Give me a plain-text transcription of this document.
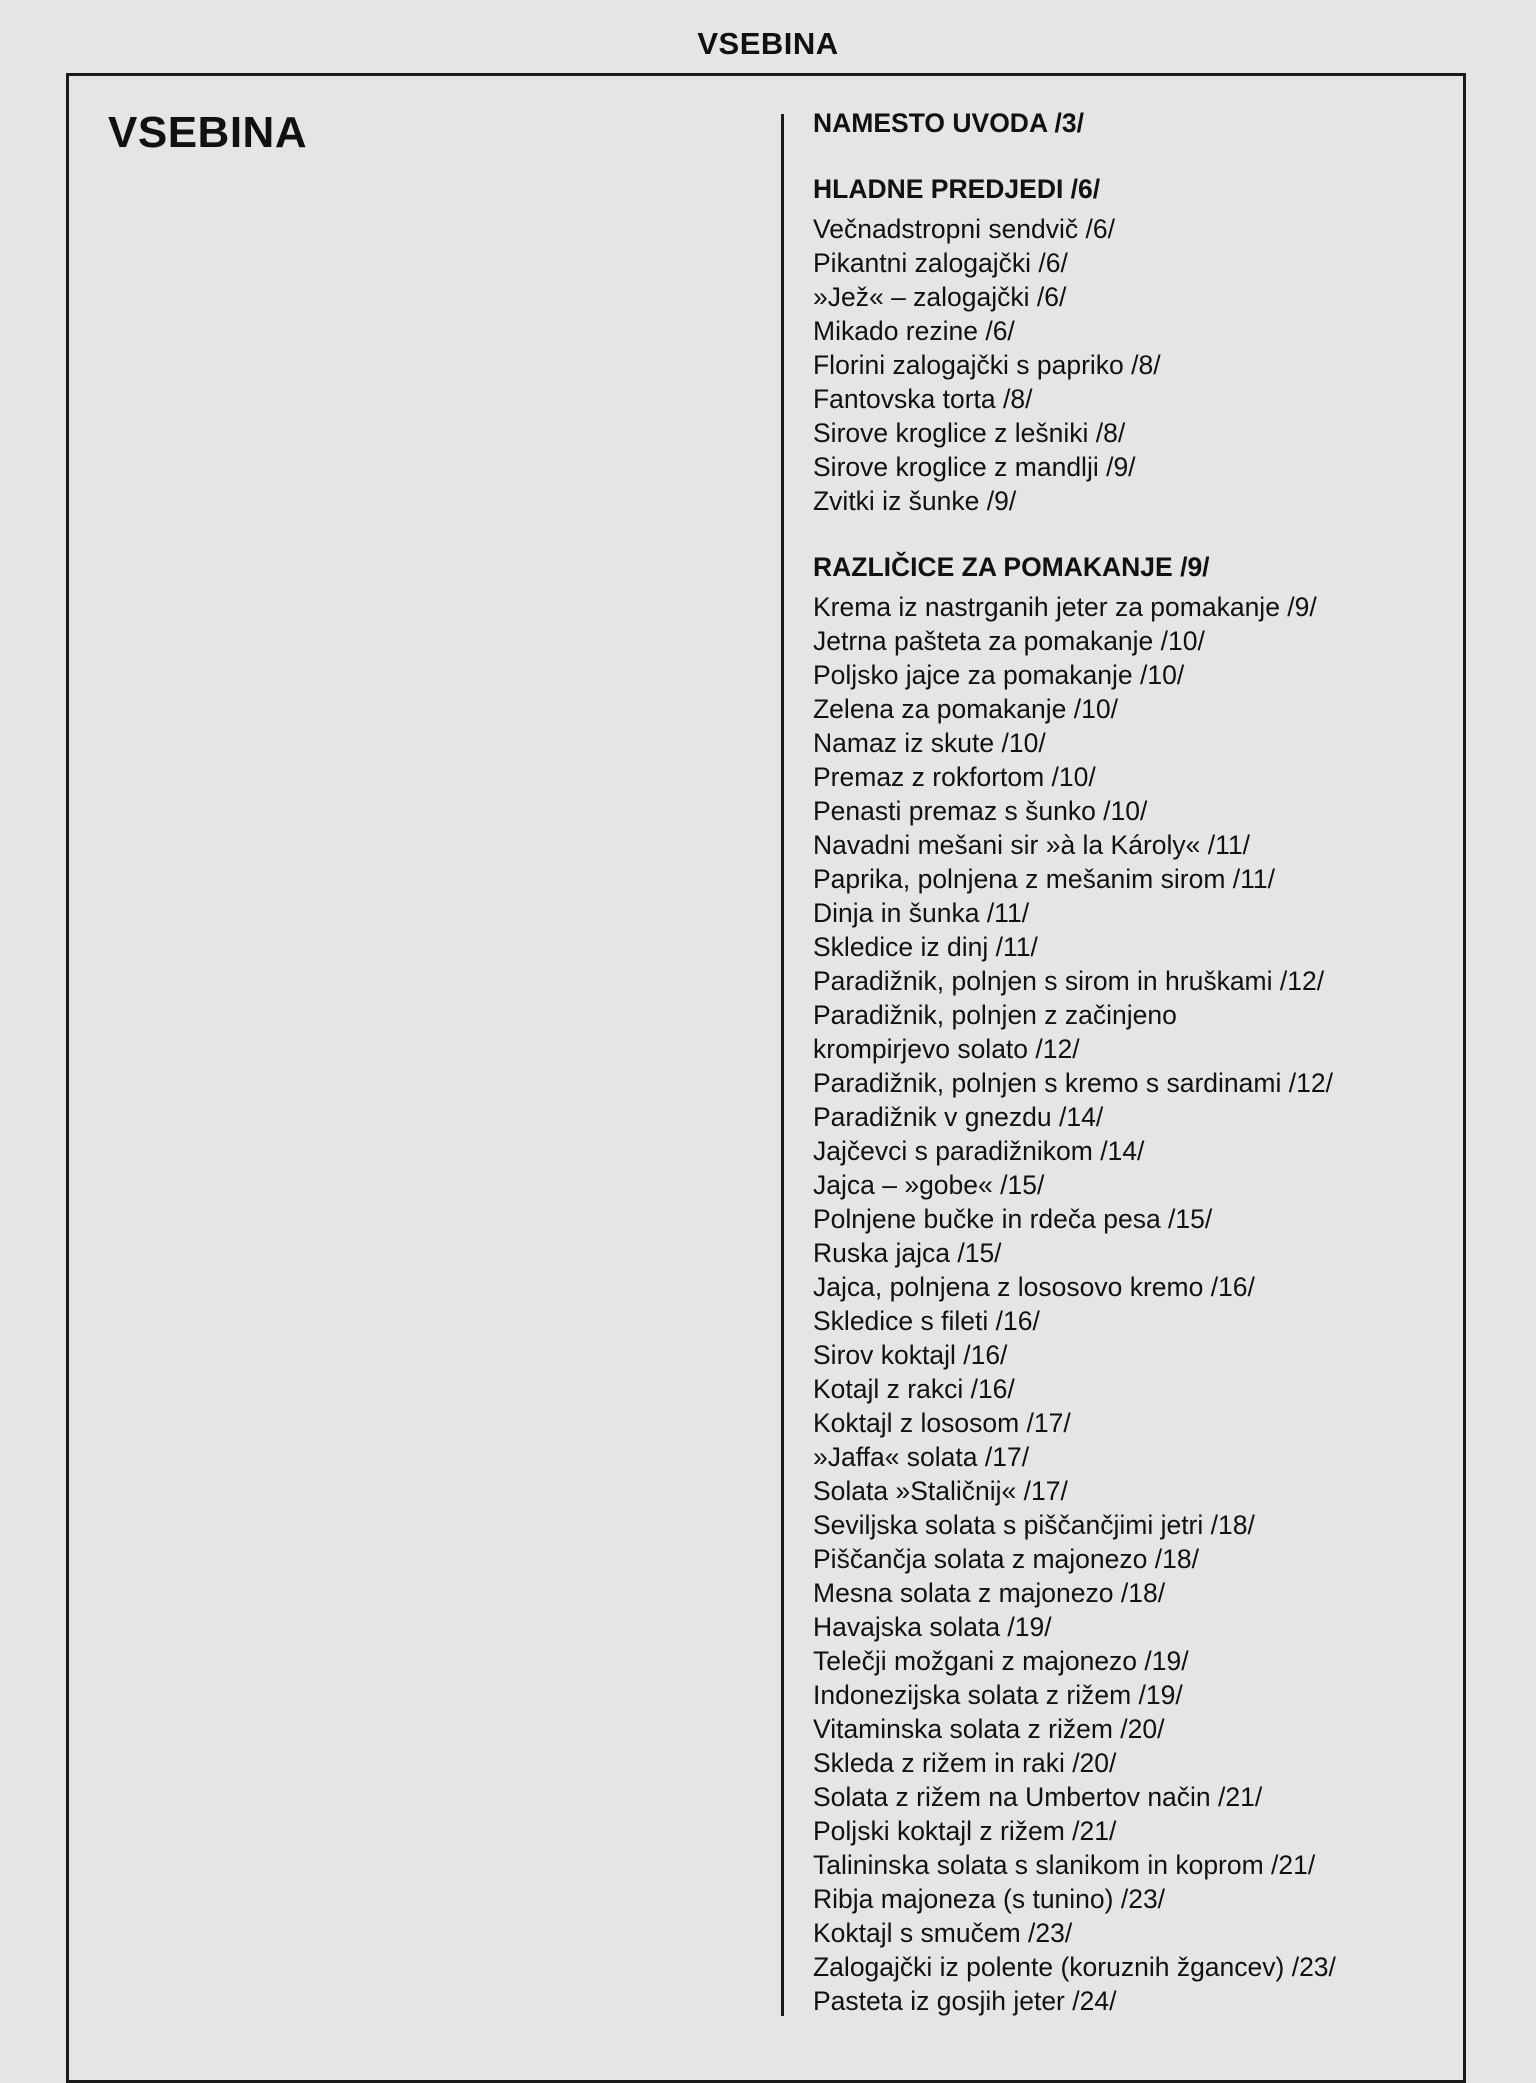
VSEBINA
VSEBINA	NAMESTO UVODA /3/
HLADNE PREDJEDI /6/
Večnadstropni sendvič /6/
Pikantni zalogajčki /6/
»Jež« – zalogajčki /6/
Mikado rezine /6/
Florini zalogajčki s papriko /8/
Fantovska torta /8/
Sirove kroglice z lešniki /8/
Sirove kroglice z mandlji /9/
Zvitki iz šunke /9/
RAZLIČICE ZA POMAKANJE /9/
Krema iz nastrganih jeter za pomakanje /9/
Jetrna pašteta za pomakanje /10/
Poljsko jajce za pomakanje /10/
Zelena za pomakanje /10/
Namaz iz skute /10/
Premaz z rokfortom /10/
Penasti premaz s šunko /10/
Navadni mešani sir »à la Károly« /11/
Paprika, polnjena z mešanim sirom /11/
Dinja in šunka /11/
Skledice iz dinj /11/
Paradižnik, polnjen s sirom in hruškami /12/
Paradižnik, polnjen z začinjeno
krompirjevo solato /12/
Paradižnik, polnjen s kremo s sardinami /12/
Paradižnik v gnezdu /14/
Jajčevci s paradižnikom /14/
Jajca – »gobe« /15/
Polnjene bučke in rdeča pesa /15/
Ruska jajca /15/
Jajca, polnjena z lososovo kremo /16/
Skledice s fileti /16/
Sirov koktajl /16/
Kotajl z rakci /16/
Koktajl z lososom /17/
»Jaffa« solata /17/
Solata »Staličnij« /17/
Seviljska solata s piščančjimi jetri /18/
Piščančja solata z majonezo /18/
Mesna solata z majonezo /18/
Havajska solata /19/
Telečji možgani z majonezo /19/
Indonezijska solata z rižem /19/
Vitaminska solata z rižem /20/
Skleda z rižem in raki /20/
Solata z rižem na Umbertov način /21/
Poljski koktajl z rižem /21/
Talininska solata s slanikom in koprom /21/
Ribja majoneza (s tunino) /23/
Koktajl s smučem /23/
Zalogajčki iz polente (koruznih žgancev) /23/
Pasteta iz gosjih jeter /24/
